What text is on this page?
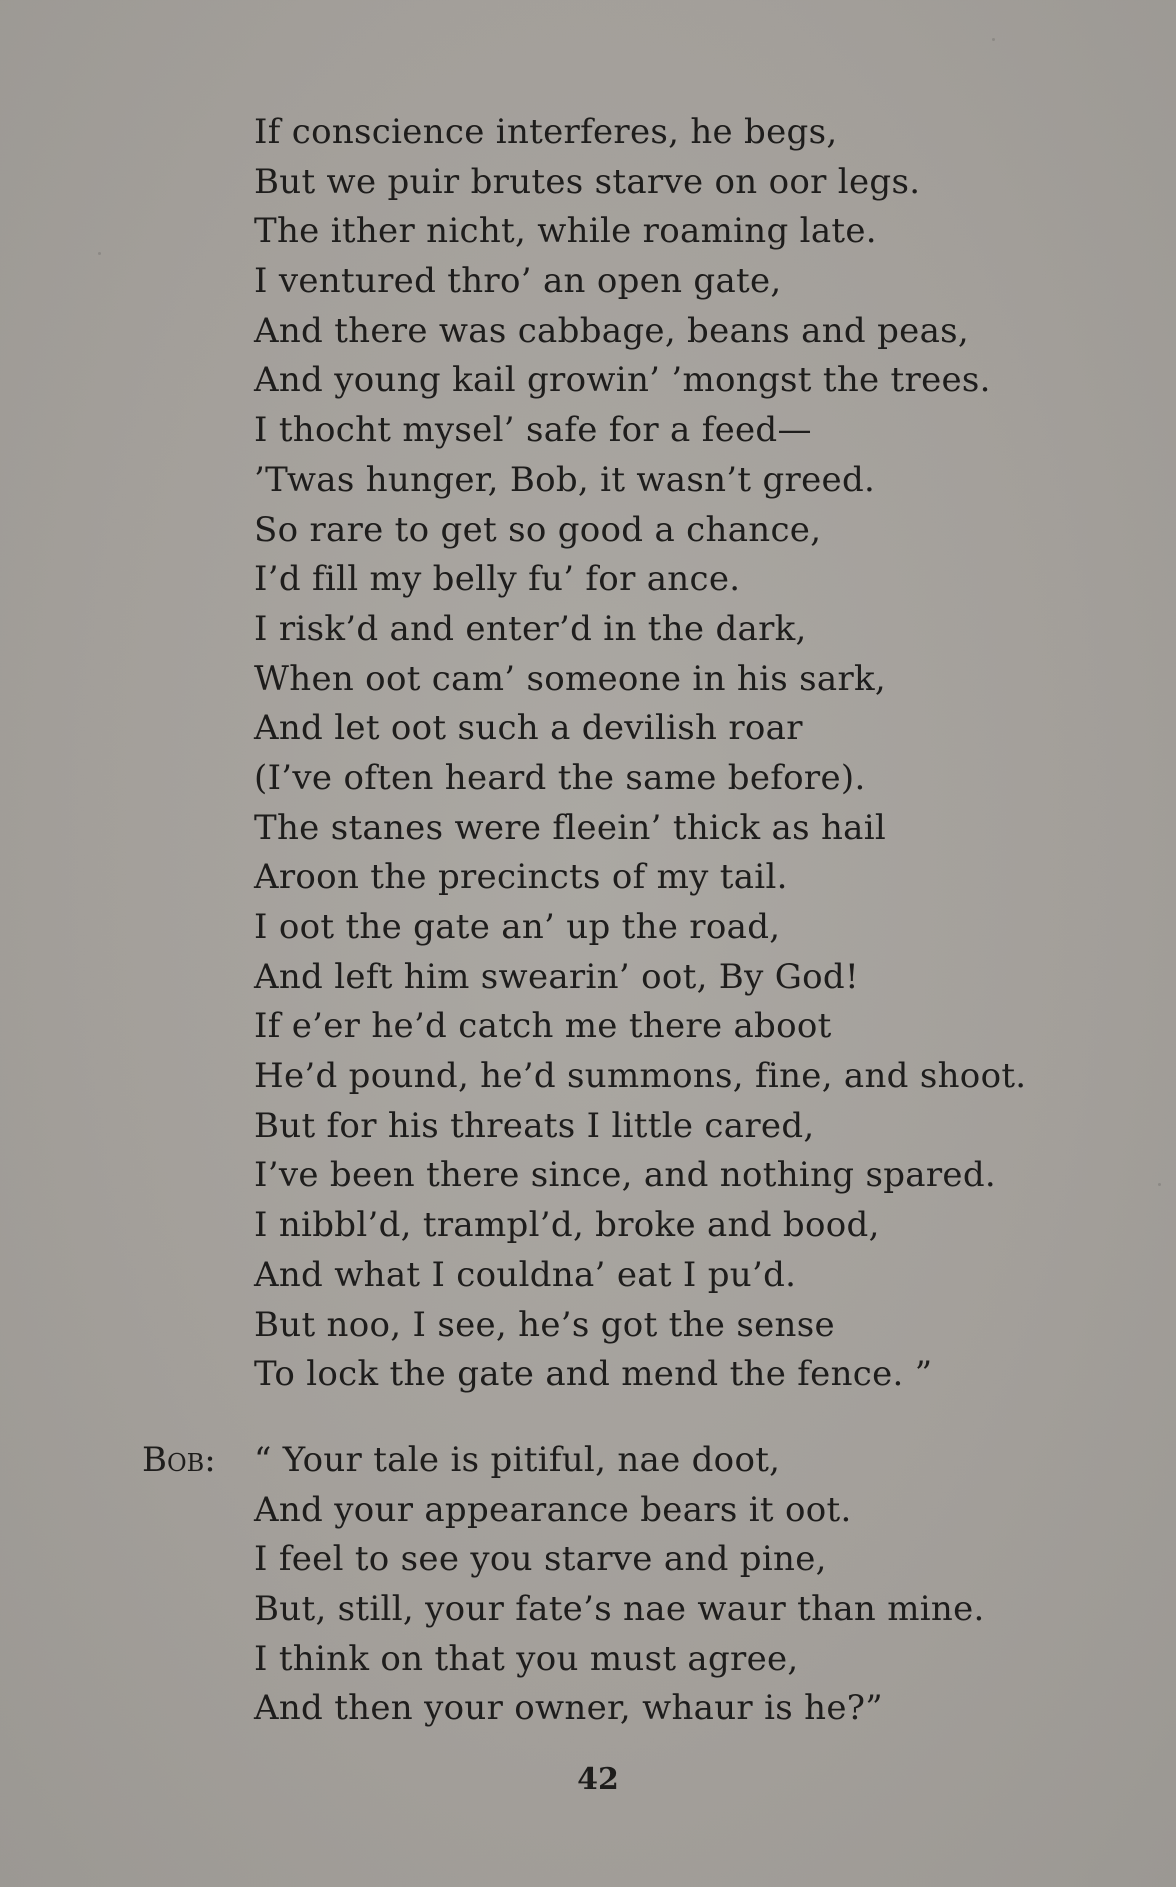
If conscience interferes, he begs,
But we puir brutes starve on oor legs.
The ither nicht, while roaming late.
I ventured thro’ an open gate,
And there was cabbage, beans and peas,
And young kail growin’ ’mongst the trees.
I thocht mysel’ safe for a feed—
’Twas hunger, Bob, it wasn’t greed.
So rare to get so good a chance,
I’d fill my belly fu’ for ance.
I risk’d and enter’d in the dark,
When oot cam’ someone in his sark,
And let oot such a devilish roar
(I’ve often heard the same before).
The stanes were fleein’ thick as hail
Aroon the precincts of my tail.
I oot the gate an’ up the road,
And left him swearin’ oot, By God!
If e’er he’d catch me there aboot
He’d pound, he’d summons, fine, and shoot.
But for his threats I little cared,
I’ve been there since, and nothing spared.
I nibbl’d, trampl’d, broke and bood,
And what I couldna’ eat I pu’d.
But noo, I see, he’s got the sense
To lock the gate and mend the fence. ”
Bob: “ Your tale is pitiful, nae doot,
And your appearance bears it oot.
I feel to see you starve and pine,
But, still, your fate’s nae waur than mine.
I think on that you must agree,
And then your owner, whaur is he?”
42
